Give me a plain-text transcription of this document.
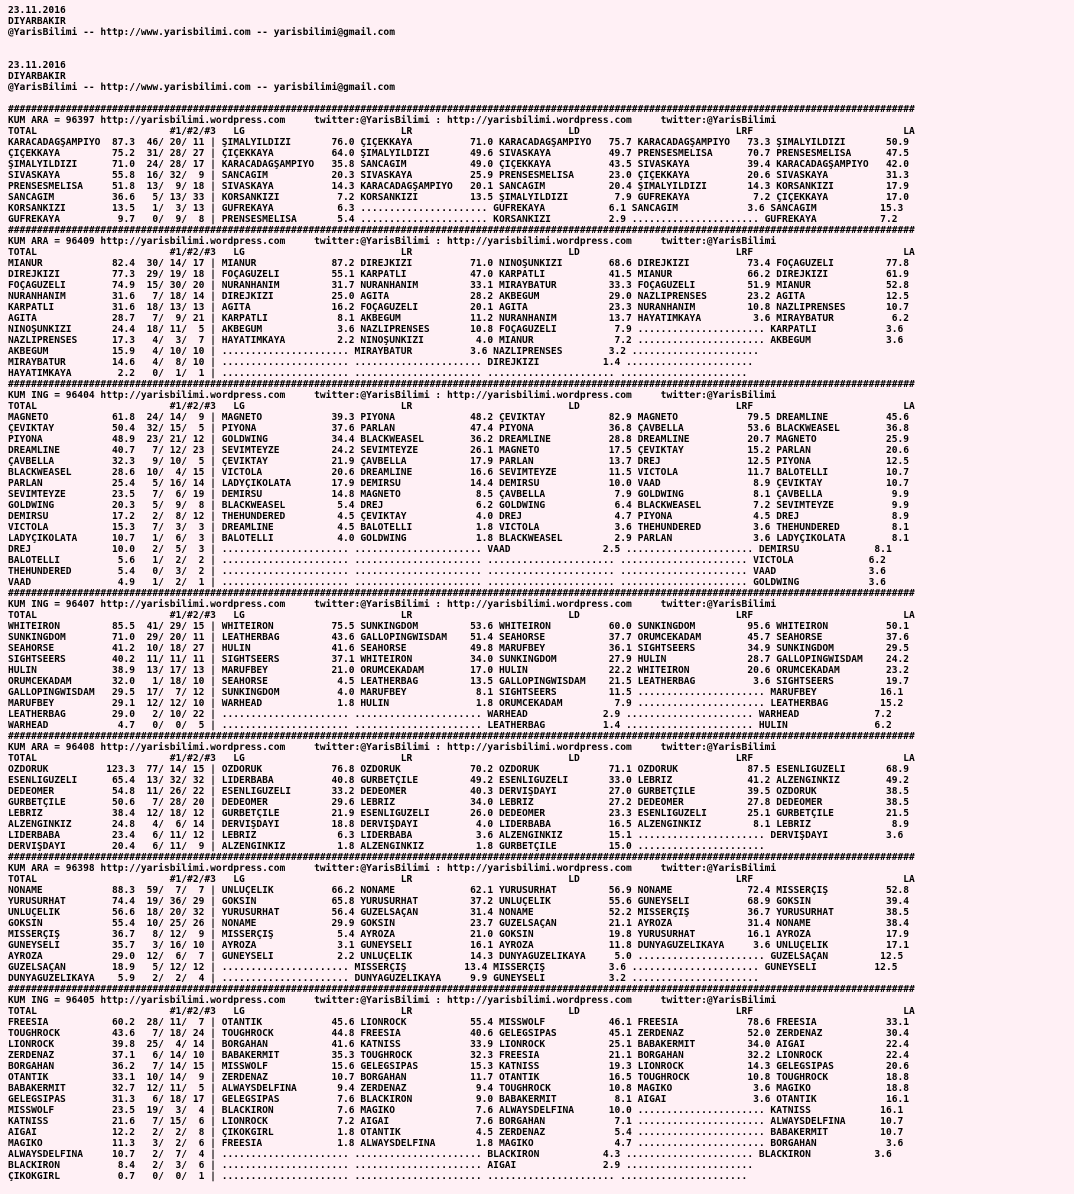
23.11.2016
DIYARBAKIR
@YarisBilimi -- http://www.yarisbilimi.com -- yarisbilimi@gmail.com
23.11.2016
DIYARBAKIR
@YarisBilimi -- http://www.yarisbilimi.com -- yarisbilimi@gmail.com
#############################################################################################################################################################
KUM ARA = 96397 http://yarisbilimi.wordpress.com     twitter:@YarisBilimi : http://yarisbilimi.wordpress.com     twitter:@YarisBilimi
TOTAL                       #1/#2/#3   LG                           LR                           LD                           LRF                          LA
KARACADAĞŞAMPİYO  87.3  46/ 20/ 11 | ŞIMALYILDIZI       76.0 ÇİÇEKKAYA          71.0 KARACADAĞŞAMPİYO   75.7 KARACADAĞŞAMPİYO   73.3 ŞIMALYILDIZI       50.9
ÇİÇEKKAYA         75.2  31/ 28/ 27 | ÇİÇEKKAYA          64.0 ŞIMALYILDIZI       49.6 SIVASKAYA          49.7 PRENSESMELİSA      70.7 PRENSESMELİSA      47.5
ŞIMALYILDIZI      71.0  24/ 28/ 17 | KARACADAĞŞAMPİYO   35.8 SANCAGIM           49.0 ÇİÇEKKAYA          43.5 SIVASKAYA          39.4 KARACADAĞŞAMPİYO   42.0
SIVASKAYA         55.8  16/ 32/  9 | SANCAGIM           20.3 SIVASKAYA          25.9 PRENSESMELİSA      23.0 ÇİÇEKKAYA          20.6 SIVASKAYA          31.3
PRENSESMELİSA     51.8  13/  9/ 18 | SIVASKAYA          14.3 KARACADAĞŞAMPİYO   20.1 SANCAGIM           20.4 ŞIMALYILDIZI       14.3 KORSANKIZI         17.9
SANCAGIM          36.6   5/ 13/ 33 | KORSANKIZI          7.2 KORSANKIZI         13.5 ŞIMALYILDIZI        7.9 GUFREKAYA           7.2 ÇİÇEKKAYA          17.0
KORSANKIZI        13.5   1/  3/ 13 | GUFREKAYA           6.3 ...................... GUFREKAYA           6.1 SANCAGIM            3.6 SANCAGIM           15.3
GUFREKAYA          9.7   0/  9/  8 | PRENSESMELİSA       5.4 ...................... KORSANKIZI          2.9 ...................... GUFREKAYA           7.2
#############################################################################################################################################################
KUM ARA = 96409 http://yarisbilimi.wordpress.com     twitter:@YarisBilimi : http://yarisbilimi.wordpress.com     twitter:@YarisBilimi
TOTAL                       #1/#2/#3   LG                           LR                           LD                           LRF                          LA
MIANUR            82.4  30/ 14/ 17 | MIANUR             87.2 DIREJKIZI          71.0 NINOŞUNKIZI        68.6 DIREJKIZI          73.4 FOÇAGÜZELİ         77.8
DIREJKIZI         77.3  29/ 19/ 18 | FOÇAGÜZELİ         55.1 KARPATLI           47.0 KARPATLI           41.5 MIANUR             66.2 DIREJKIZI          61.9
FOÇAGÜZELİ        74.9  15/ 30/ 20 | NURANHANIM         31.7 NURANHANIM         33.1 MIRAYBATUR         33.3 FOÇAGÜZELİ         51.9 MIANUR             52.8
NURANHANIM        31.6   7/ 18/ 14 | DIREJKIZI          25.0 AGİTA              28.2 AKBEGÜM            29.0 NAZLIPRENSES       23.2 AGİTA              12.5
KARPATLI          31.6  18/ 13/ 13 | AGİTA              16.2 FOÇAGÜZELİ         20.1 AGİTA              23.3 NURANHANIM         10.8 NAZLIPRENSES       10.7
AGİTA             28.7   7/  9/ 21 | KARPATLI            8.1 AKBEGÜM            11.2 NURANHANIM         13.7 HAYATIMKAYA         3.6 MIRAYBATUR          6.2
NINOŞUNKIZI       24.4  18/ 11/  5 | AKBEGÜM             3.6 NAZLIPRENSES       10.8 FOÇAGÜZELİ          7.9 ...................... KARPATLI            3.6
NAZLIPRENSES      17.3   4/  3/  7 | HAYATIMKAYA         2.2 NINOŞUNKIZI         4.0 MIANUR              7.2 ...................... AKBEGÜM             3.6
AKBEGÜM           15.9   4/ 10/ 10 | ...................... MIRAYBATUR          3.6 NAZLIPRENSES        3.2 ......................
MIRAYBATUR        14.6   4/  8/ 10 | ...................... ...................... DIREJKIZI           1.4 ......................
HAYATIMKAYA        2.2   0/  1/  1 | ...................... ...................... ...................... ......................
#############################################################################################################################################################
KUM ING = 96404 http://yarisbilimi.wordpress.com     twitter:@YarisBilimi : http://yarisbilimi.wordpress.com     twitter:@YarisBilimi
TOTAL                       #1/#2/#3   LG                           LR                           LD                           LRF                          LA
MAGNETO           61.8  24/ 14/  9 | MAGNETO            39.3 PIYONA             48.2 ÇEVİKTAY           82.9 MAGNETO            79.5 DREAMLINE          45.6
ÇEVİKTAY          50.4  32/ 15/  5 | PIYONA             37.6 PARLAN             47.4 PIYONA             36.8 ÇAVBELLA           53.6 BLACKWEASEL        36.8
PIYONA            48.9  23/ 21/ 12 | GOLDWING           34.4 BLACKWEASEL        36.2 DREAMLINE          28.8 DREAMLINE          20.7 MAGNETO            25.9
DREAMLINE         40.7   7/ 12/ 23 | SEVİMTEYZE         24.2 SEVİMTEYZE         26.1 MAGNETO            17.5 ÇEVİKTAY           15.2 PARLAN             20.6
ÇAVBELLA          32.3   9/ 10/  5 | ÇEVİKTAY           21.9 ÇAVBELLA           17.9 PARLAN             13.7 DREJ               12.5 PIYONA             12.5
BLACKWEASEL       28.6  10/  4/ 15 | VICTOLA            20.6 DREAMLINE          16.6 SEVİMTEYZE         11.5 VICTOLA            11.7 BALOTELLI          10.7
PARLAN            25.4   5/ 16/ 14 | LADYÇİKOLATA       17.9 DEMİRSU            14.4 DEMİRSU            10.0 VAAD                8.9 ÇEVİKTAY           10.7
SEVİMTEYZE        23.5   7/  6/ 19 | DEMİRSU            14.8 MAGNETO             8.5 ÇAVBELLA            7.9 GOLDWING            8.1 ÇAVBELLA            9.9
GOLDWING          20.3   5/  9/  8 | BLACKWEASEL         5.4 DREJ                6.2 GOLDWING            6.4 BLACKWEASEL         7.2 SEVİMTEYZE          9.9
DEMİRSU           17.2   2/  8/ 12 | THEHUNDERED         4.5 ÇEVİKTAY            4.0 DREJ                4.7 PIYONA              4.5 DREJ                8.9
VICTOLA           15.3   7/  3/  3 | DREAMLINE           4.5 BALOTELLI           1.8 VICTOLA             3.6 THEHUNDERED         3.6 THEHUNDERED         8.1
LADYÇİKOLATA      10.7   1/  6/  3 | BALOTELLI           4.0 GOLDWING            1.8 BLACKWEASEL         2.9 PARLAN              3.6 LADYÇİKOLATA        8.1
DREJ              10.0   2/  5/  3 | ...................... ...................... VAAD                2.5 ...................... DEMİRSU             8.1
BALOTELLI          5.6   1/  2/  2 | ...................... ...................... ...................... ...................... VICTOLA             6.2
THEHUNDERED        5.4   0/  3/  2 | ...................... ...................... ...................... ...................... VAAD                3.6
VAAD               4.9   1/  2/  1 | ...................... ...................... ...................... ...................... GOLDWING            3.6
#############################################################################################################################################################
KUM ING = 96407 http://yarisbilimi.wordpress.com     twitter:@YarisBilimi : http://yarisbilimi.wordpress.com     twitter:@YarisBilimi
TOTAL                       #1/#2/#3   LG                           LR                           LD                           LRF                          LA
WHITEIRON         85.5  41/ 29/ 15 | WHITEIRON          75.5 SUNKINGDOM         53.6 WHITEIRON          60.0 SUNKINGDOM         95.6 WHITEIRON          50.1
SUNKINGDOM        71.0  29/ 20/ 11 | LEATHERBAG         43.6 GALLOPINGWISDAM    51.4 SEAHORSE           37.7 ÖRÜMCEKADAM        45.7 SEAHORSE           37.6
SEAHORSE          41.2  10/ 18/ 27 | HULİN              41.6 SEAHORSE           49.8 MARUFBEY           36.1 SIGHTSEERS         34.9 SUNKINGDOM         29.5
SIGHTSEERS        40.2  11/ 11/ 11 | SIGHTSEERS         37.1 WHITEIRON          34.0 SUNKINGDOM         27.9 HULİN              28.7 GALLOPINGWISDAM    24.2
HULİN             38.9  13/ 17/ 13 | MARUFBEY           21.0 ÖRÜMCEKADAM        17.0 HULİN              22.2 WHITEIRON          20.6 ÖRÜMCEKADAM        23.2
ÖRÜMCEKADAM       32.0   1/ 18/ 10 | SEAHORSE            4.5 LEATHERBAG         13.5 GALLOPINGWISDAM    21.5 LEATHERBAG          3.6 SIGHTSEERS         19.7
GALLOPINGWISDAM   29.5  17/  7/ 12 | SUNKINGDOM          4.0 MARUFBEY            8.1 SIGHTSEERS         11.5 ...................... MARUFBEY           16.1
MARUFBEY          29.1  12/ 12/ 10 | WARHEAD             1.8 HULİN               1.8 ÖRÜMCEKADAM         7.9 ...................... LEATHERBAG         15.2
LEATHERBAG        29.0   2/ 10/ 22 | ...................... ...................... WARHEAD             2.9 ...................... WARHEAD             7.2
WARHEAD            4.7   0/  0/  5 | ...................... ...................... LEATHERBAG          1.4 ...................... HULİN               6.2
#############################################################################################################################################################
KUM ARA = 96408 http://yarisbilimi.wordpress.com     twitter:@YarisBilimi : http://yarisbilimi.wordpress.com     twitter:@YarisBilimi
TOTAL                       #1/#2/#3   LG                           LR                           LD                           LRF                          LA
ÖZDORUK          123.3  77/ 14/ 15 | ÖZDORUK            76.8 ÖZDORUK            70.2 ÖZDORUK            71.1 ÖZDORUK            87.5 ESENLİGÜZELİ       68.9
ESENLİGÜZELİ      65.4  13/ 32/ 32 | LİDERBABA          40.8 GURBETÇİLE         49.2 ESENLİGÜZELİ       33.0 LEBRİZ             41.2 ALZENGİNKIZ        49.2
DEDEÖMER          54.8  11/ 26/ 22 | ESENLİGÜZELİ       33.2 DEDEÖMER           40.3 DERVİŞDAYI         27.0 GURBETÇİLE         39.5 ÖZDORUK            38.5
GURBETÇİLE        50.6   7/ 28/ 20 | DEDEÖMER           29.6 LEBRİZ             34.0 LEBRİZ             27.2 DEDEÖMER           27.8 DEDEÖMER           38.5
LEBRİZ            38.4  12/ 18/ 12 | GURBETÇİLE         21.9 ESENLİGÜZELİ       26.0 DEDEÖMER           23.3 ESENLİGÜZELİ       25.1 GURBETÇİLE         21.5
ALZENGİNKIZ       24.8   4/  6/ 14 | DERVİŞDAYI         18.8 DERVİŞDAYI          4.0 LİDERBABA          16.5 ALZENGİNKIZ         8.1 LEBRİZ              8.9
LİDERBABA         23.4   6/ 11/ 12 | LEBRİZ              6.3 LİDERBABA           3.6 ALZENGİNKIZ        15.1 ...................... DERVİŞDAYI          3.6
DERVİŞDAYI        20.4   6/ 11/  9 | ALZENGİNKIZ         1.8 ALZENGİNKIZ         1.8 GURBETÇİLE         15.0 ......................
#############################################################################################################################################################
KUM ARA = 96398 http://yarisbilimi.wordpress.com     twitter:@YarisBilimi : http://yarisbilimi.wordpress.com     twitter:@YarisBilimi
TOTAL                       #1/#2/#3   LG                           LR                           LD                           LRF                          LA
NONAME            88.3  59/  7/  7 | ÜNLÜÇELİK          66.2 NONAME             62.1 YURUSURHAT         56.9 NONAME             72.4 MİSSERÇİŞ          52.8
YURUSURHAT        74.4  19/ 36/ 29 | GOKSİN             65.8 YURUSURHAT         37.2 ÜNLÜÇELİK          55.6 GÜNEYSELİ          68.9 GOKSİN             39.4
ÜNLÜÇELİK         56.6  18/ 20/ 32 | YURUSURHAT         56.4 GÜZELSAÇAN         31.4 NONAME             52.2 MİSSERÇİŞ          36.7 YURUSURHAT         38.5
GOKSİN            55.4  10/ 25/ 26 | NONAME             29.9 GOKSİN             23.7 GÜZELSAÇAN         21.1 AYROZA             31.4 NONAME             38.4
MİSSERÇİŞ         36.7   8/ 12/  9 | MİSSERÇİŞ           5.4 AYROZA             21.0 GOKSİN             19.8 YURUSURHAT         16.1 AYROZA             17.9
GÜNEYSELİ         35.7   3/ 16/ 10 | AYROZA              3.1 GÜNEYSELİ          16.1 AYROZA             11.8 DÜNYAGÜZELİKAYA     3.6 ÜNLÜÇELİK          17.1
AYROZA            29.0  12/  6/  7 | GÜNEYSELİ           2.2 ÜNLÜÇELİK          14.3 DÜNYAGÜZELİKAYA     5.0 ...................... GÜZELSAÇAN         12.5
GÜZELSAÇAN        18.9   5/ 12/ 12 | ...................... MİSSERÇİŞ          13.4 MİSSERÇİŞ           3.6 ...................... GÜNEYSELİ          12.5
DÜNYAGÜZELİKAYA    5.9   2/  2/  4 | ...................... DÜNYAGÜZELİKAYA     9.9 GÜNEYSELİ           3.2 ......................
#############################################################################################################################################################
KUM ING = 96405 http://yarisbilimi.wordpress.com     twitter:@YarisBilimi : http://yarisbilimi.wordpress.com     twitter:@YarisBilimi
TOTAL                       #1/#2/#3   LG                           LR                           LD                           LRF                          LA
FREESIA           60.2  28/ 11/  7 | OTANTİK            45.6 LIONROCK           55.4 MISSWOLF           46.1 FREESIA            78.6 FREESIA            33.1
TOUGHROCK         43.6   7/ 18/ 24 | TOUGHROCK          44.8 FREESIA            40.6 GELEGSIPAS         45.1 ZERDENAZ           52.0 ZERDENAZ           30.4
LIONROCK          39.8  25/  4/ 14 | BORGAHAN           41.6 KATNİSS            33.9 LIONROCK           25.1 BABAKERMİT         34.0 AIGAI              22.4
ZERDENAZ          37.1   6/ 14/ 10 | BABAKERMİT         35.3 TOUGHROCK          32.3 FREESIA            21.1 BORGAHAN           32.2 LIONROCK           22.4
BORGAHAN          36.2   7/ 14/ 15 | MISSWOLF           15.6 GELEGSIPAS         15.3 KATNİSS            19.3 LIONROCK           14.3 GELEGSIPAS         20.6
OTANTİK           33.1  10/ 14/  9 | ZERDENAZ           10.7 BORGAHAN           11.7 OTANTİK            16.5 TOUGHROCK          10.8 TOUGHROCK          18.8
BABAKERMİT        32.7  12/ 11/  5 | ALWAYSDELFİNA       9.4 ZERDENAZ            9.4 TOUGHROCK          10.8 MAGİKO              3.6 MAGİKO             18.8
GELEGSIPAS        31.3   6/ 18/ 17 | GELEGSIPAS          7.6 BLACKIRON           9.0 BABAKERMİT          8.1 AIGAI               3.6 OTANTİK            16.1
MISSWOLF          23.5  19/  3/  4 | BLACKIRON           7.6 MAGİKO              7.6 ALWAYSDELFİNA      10.0 ...................... KATNİSS            16.1
KATNİSS           21.6   7/ 15/  6 | LIONROCK            7.2 AIGAI               7.6 BORGAHAN            7.1 ...................... ALWAYSDELFİNA      10.7
AIGAI             12.2   2/  2/  8 | ÇİKOKGIRL           1.8 OTANTİK             4.5 ZERDENAZ            5.4 ...................... BABAKERMİT         10.7
MAGİKO            11.3   3/  2/  6 | FREESIA             1.8 ALWAYSDELFİNA       1.8 MAGİKO              4.7 ...................... BORGAHAN            3.6
ALWAYSDELFİNA     10.7   2/  7/  4 | ...................... ...................... BLACKIRON           4.3 ...................... BLACKIRON           3.6
BLACKIRON          8.4   2/  3/  6 | ...................... ...................... AIGAI               2.9 ......................
ÇİKOKGIRL          0.7   0/  0/  1 | ...................... ...................... ...................... ......................
